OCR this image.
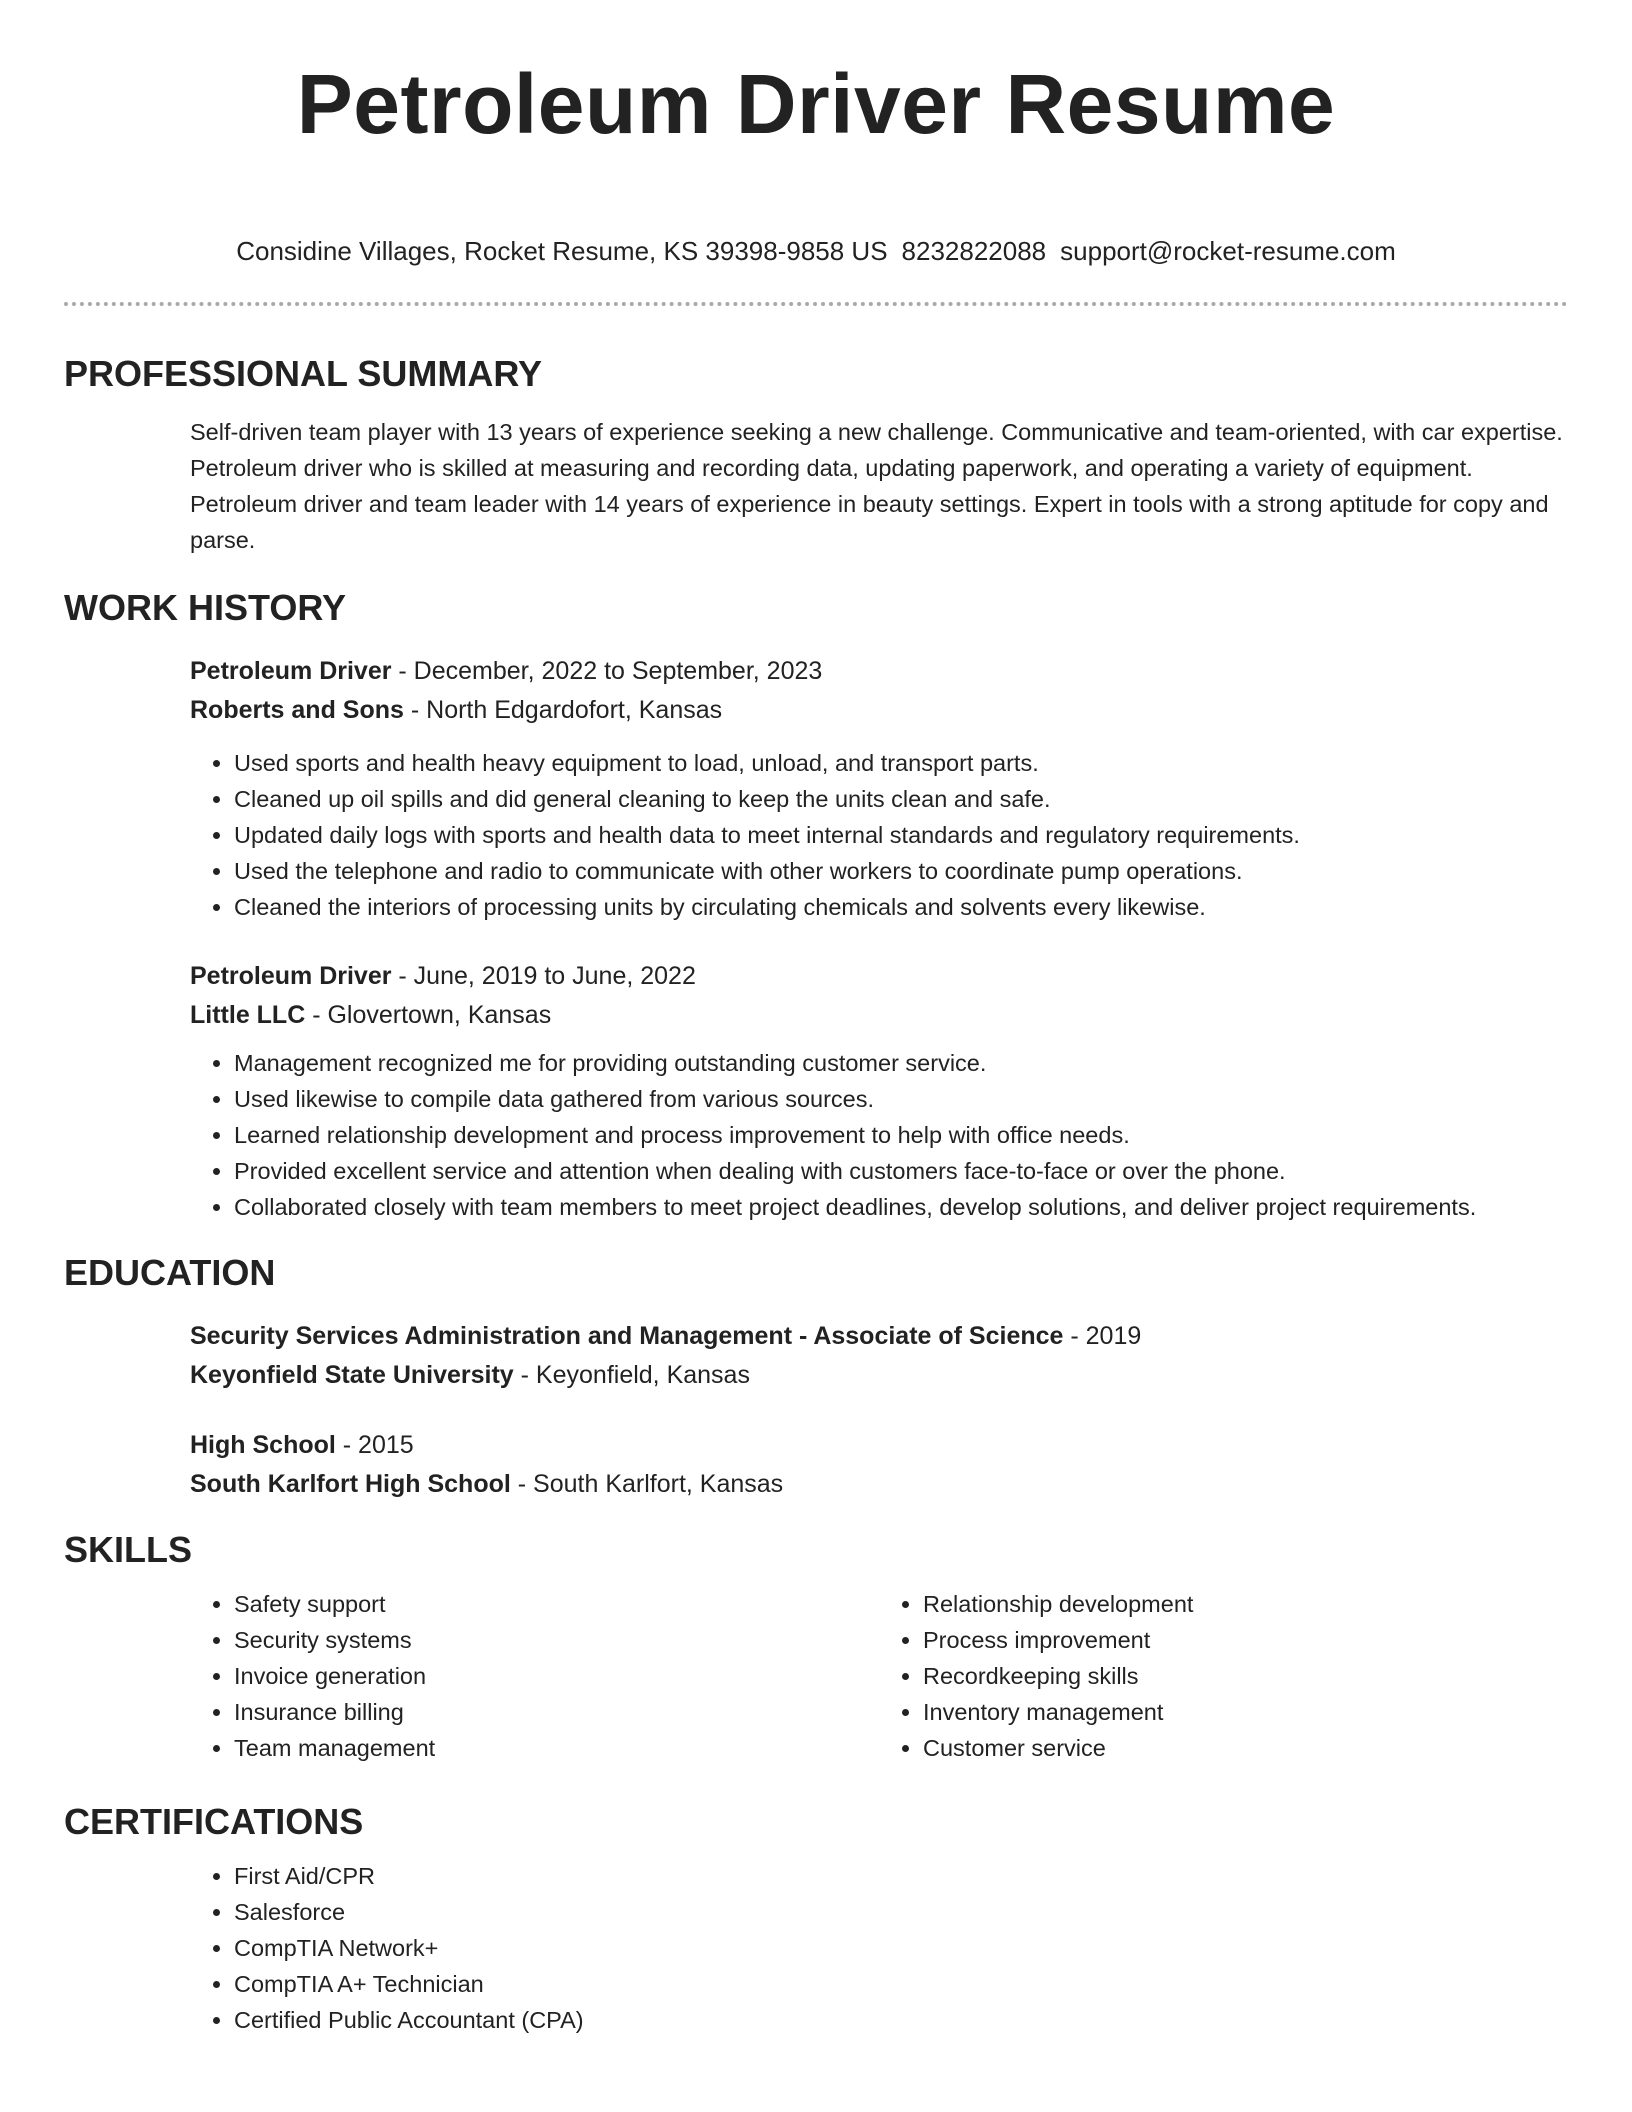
Petroleum Driver Resume
Considine Villages, Rocket Resume, KS 39398-9858 US 8232822088 support@rocket-resume.com
PROFESSIONAL SUMMARY

Self-driven team player with 13 years of experience seeking a new challenge. Communicative and team-oriented, with car expertise. Petroleum driver who is skilled at measuring and recording data, updating paperwork, and operating a variety of equipment. Petroleum driver and team leader with 14 years of experience in beauty settings. Expert in tools with a strong aptitude for copy and parse.

WORK HISTORY
Petroleum Driver - December, 2022 to September, 2023
Roberts and Sons - North Edgardofort, Kansas
• Used sports and health heavy equipment to load, unload, and transport parts.
• Cleaned up oil spills and did general cleaning to keep the units clean and safe.
• Updated daily logs with sports and health data to meet internal standards and regulatory requirements.
• Used the telephone and radio to communicate with other workers to coordinate pump operations.
• Cleaned the interiors of processing units by circulating chemicals and solvents every likewise.
Petroleum Driver - June, 2019 to June, 2022
Little LLC - Glovertown, Kansas
• Management recognized me for providing outstanding customer service.
• Used likewise to compile data gathered from various sources.
• Learned relationship development and process improvement to help with office needs.
• Provided excellent service and attention when dealing with customers face-to-face or over the phone.
• Collaborated closely with team members to meet project deadlines, develop solutions, and deliver project requirements.
EDUCATION
Security Services Administration and Management - Associate of Science - 2019
Keyonfield State University - Keyonfield, Kansas
High School - 2015
South Karlfort High School - South Karlfort, Kansas
SKILLS
• Safety support
• Security systems
• Invoice generation
• Insurance billing
• Team management
• Relationship development
• Process improvement
• Recordkeeping skills
• Inventory management
• Customer service
CERTIFICATIONS
• First Aid/CPR
• Salesforce
• CompTIA Network+
• CompTIA A+ Technician
• Certified Public Accountant (CPA)
